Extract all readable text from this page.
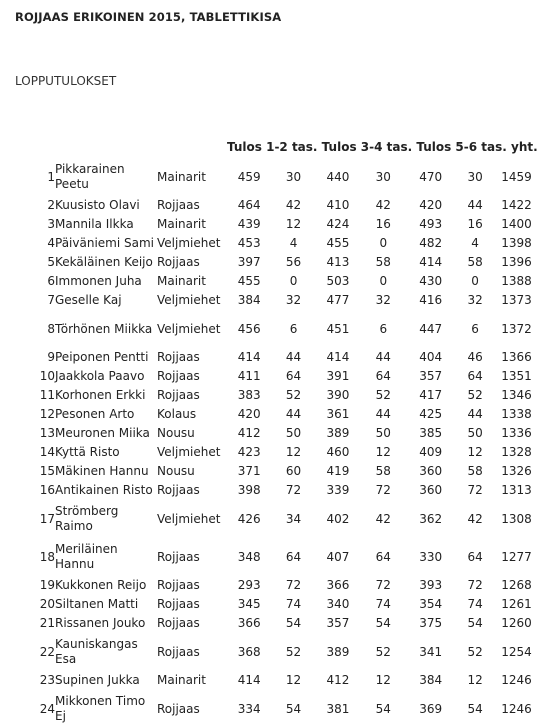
ROJJAAS ERIKOINEN 2015, TABLETTIKISA
LOPPUTULOKSET
			Tulos 1-2 tas. Tulos 3-4 tas. Tulos 5-6 tas. yht.						
1	Pikkarainen Peetu	Mainarit	459	30	440	30	470	30	1459
2	Kuusisto Olavi	Rojjaas	464	42	410	42	420	44	1422
3	Mannila Ilkka	Mainarit	439	12	424	16	493	16	1400
4	Päiväniemi Sami	Veljmiehet	453	4	455	0	482	4	1398
5	Kekäläinen Keijo	Rojjaas	397	56	413	58	414	58	1396
6	Immonen Juha	Mainarit	455	0	503	0	430	0	1388
7	Geselle Kaj	Veljmiehet	384	32	477	32	416	32	1373
8	Törhönen Miikka	Veljmiehet	456	6	451	6	447	6	1372
9	Peiponen Pentti	Rojjaas	414	44	414	44	404	46	1366
10	Jaakkola Paavo	Rojjaas	411	64	391	64	357	64	1351
11	Korhonen Erkki	Rojjaas	383	52	390	52	417	52	1346
12	Pesonen Arto	Kolaus	420	44	361	44	425	44	1338
13	Meuronen Miika	Nousu	412	50	389	50	385	50	1336
14	Kyttä Risto	Veljmiehet	423	12	460	12	409	12	1328
15	Mäkinen Hannu	Nousu	371	60	419	58	360	58	1326
16	Antikainen Risto	Rojjaas	398	72	339	72	360	72	1313
17	Strömberg Raimo	Veljmiehet	426	34	402	42	362	42	1308
18	Meriläinen Hannu	Rojjaas	348	64	407	64	330	64	1277
19	Kukkonen Reijo	Rojjaas	293	72	366	72	393	72	1268
20	Siltanen Matti	Rojjaas	345	74	340	74	354	74	1261
21	Rissanen Jouko	Rojjaas	366	54	357	54	375	54	1260
22	Kauniskangas Esa	Rojjaas	368	52	389	52	341	52	1254
23	Supinen Jukka	Mainarit	414	12	412	12	384	12	1246
24	Mikkonen Timo Ej	Rojjaas	334	54	381	54	369	54	1246
